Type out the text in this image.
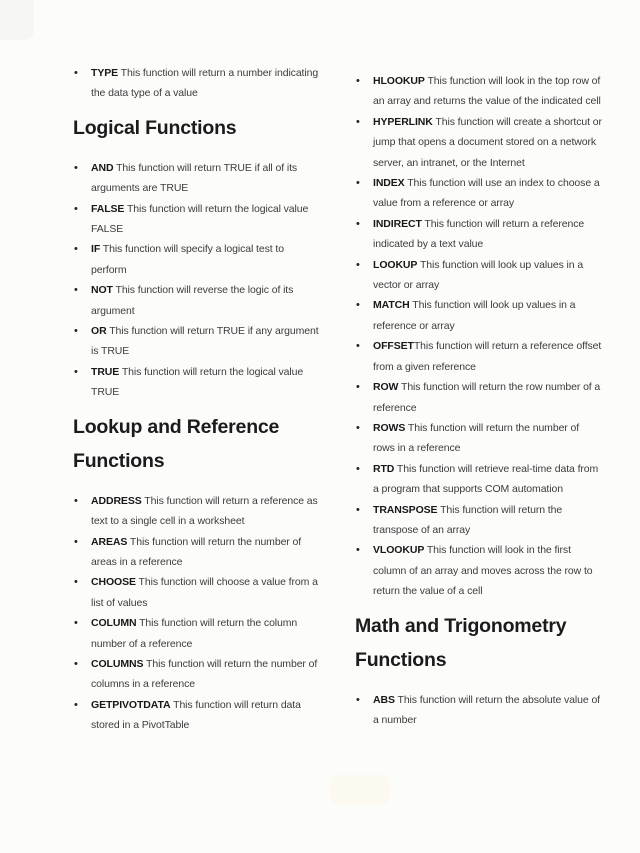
• TYPE This function will return a number indicating the data type of a value
Logical Functions
• AND This function will return TRUE if all of its arguments are TRUE
• FALSE This function will return the logical value FALSE
• IF This function will specify a logical test to perform
• NOT This function will reverse the logic of its argument
• OR This function will return TRUE if any argument is TRUE
• TRUE This function will return the logical value TRUE
Lookup and Reference Functions
• ADDRESS This function will return a reference as text to a single cell in a worksheet
• AREAS This function will return the number of areas in a reference
• CHOOSE This function will choose a value from a list of values
• COLUMN This function will return the column number of a reference
• COLUMNS This function will return the number of columns in a reference
• GETPIVOTDATA This function will return data stored in a PivotTable
• HLOOKUP This function will look in the top row of an array and returns the value of the indicated cell
• HYPERLINK This function will create a shortcut or jump that opens a document stored on a network server, an intranet, or the Internet
• INDEX This function will use an index to choose a value from a reference or array
• INDIRECT This function will return a reference indicated by a text value
• LOOKUP This function will look up values in a vector or array
• MATCH This function will look up values in a reference or array
• OFFSETThis function will return a reference offset from a given reference
• ROW This function will return the row number of a reference
• ROWS This function will return the number of rows in a reference
• RTD This function will retrieve real-time data from a program that supports COM automation
• TRANSPOSE This function will return the transpose of an array
• VLOOKUP This function will look in the first column of an array and moves across the row to return the value of a cell
Math and Trigonometry Functions
• ABS This function will return the absolute value of a number
